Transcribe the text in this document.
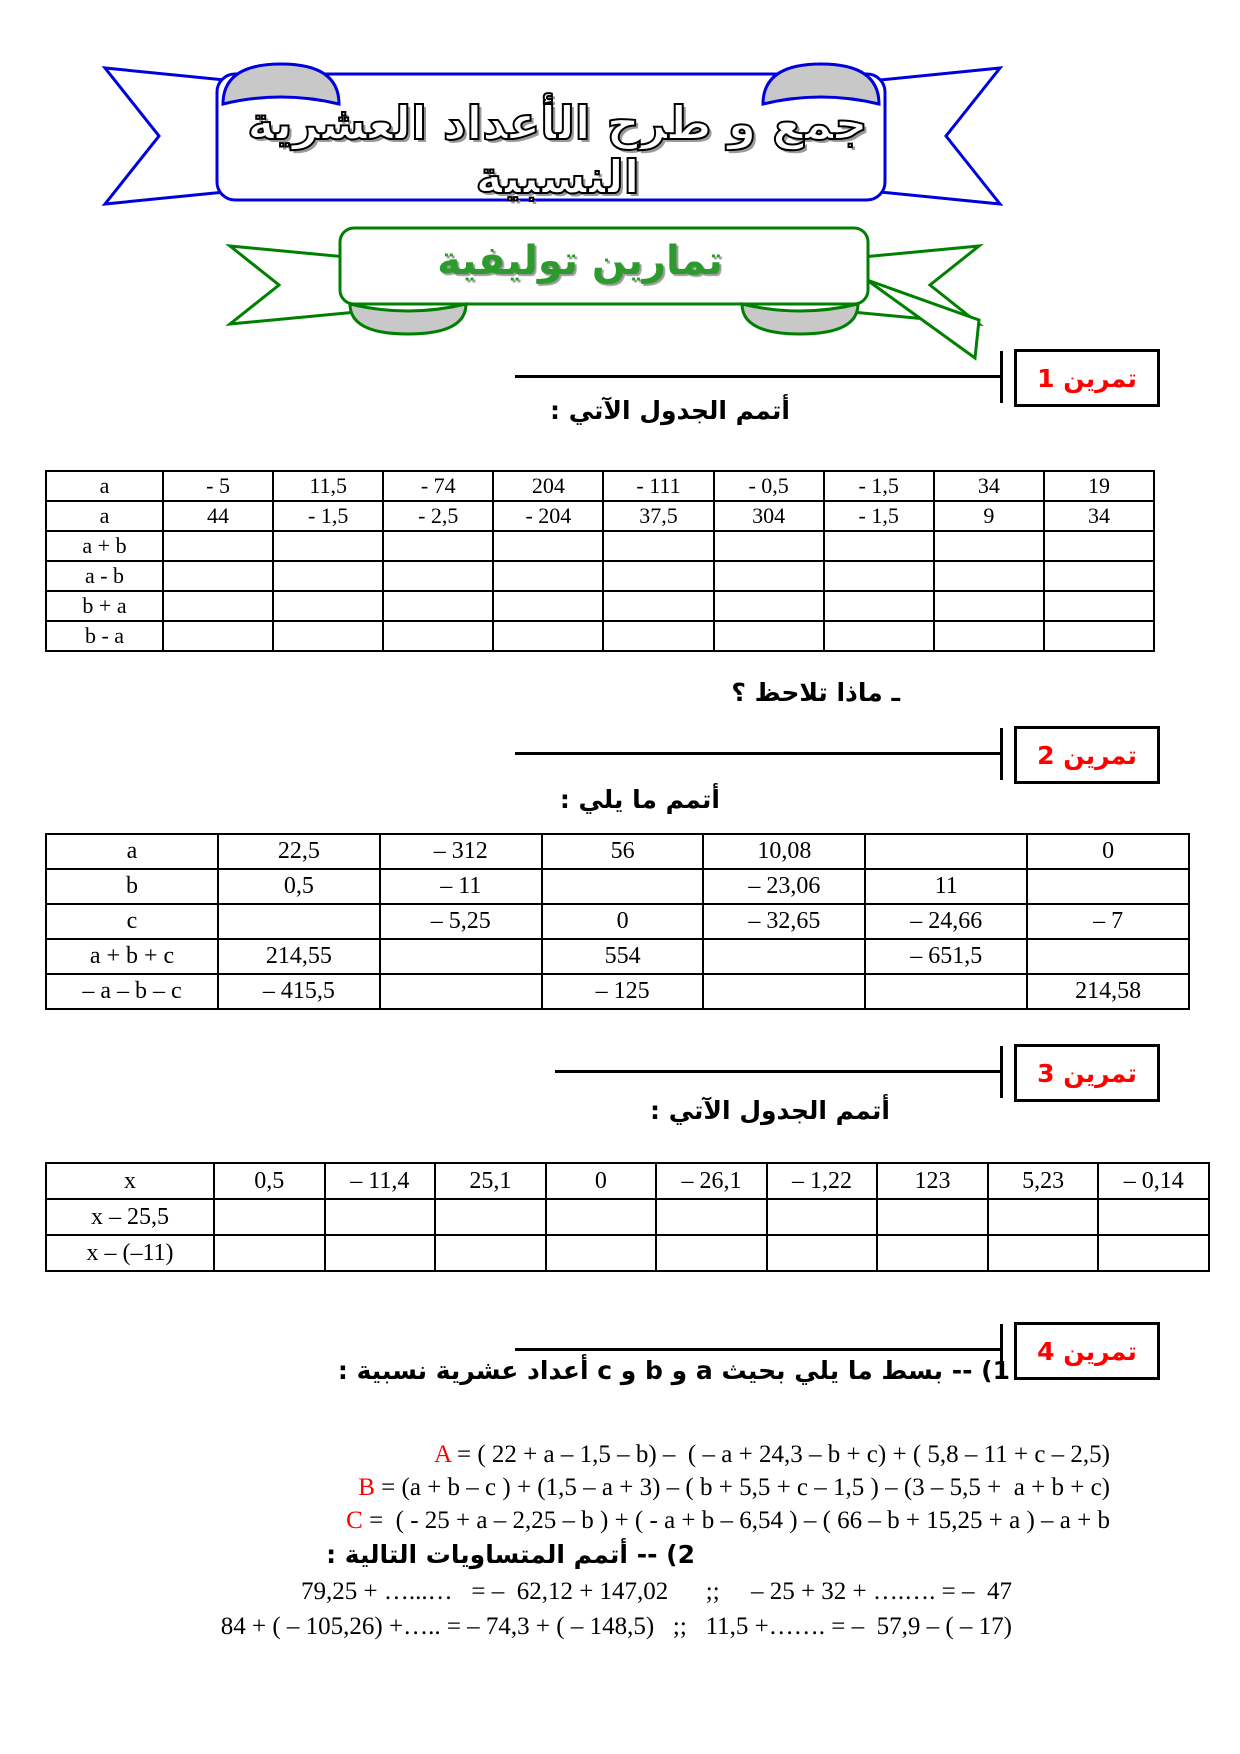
جمع و طرح الأعداد العشرية النسبية
تمارين توليفية
تمرين 1
أتمم الجدول الآتي :
a	- 5	11,5	- 74	204	- 111	- 0,5	- 1,5	34	19
a	44	- 1,5	- 2,5	- 204	37,5	304	- 1,5	9	34
a + b									
a - b									
b + a									
b - a									
ـ ماذا تلاحظ ؟
تمرين 2
أتمم ما يلي :
a	22,5	– 312	56	10,08		0
b	0,5	– 11		– 23,06	11	
c		– 5,25	0	– 32,65	– 24,66	– 7
a + b + c	214,55		554		– 651,5	
– a – b – c	– 415,5		– 125			214,58
تمرين 3
أتمم الجدول الآتي :
x	0,5	– 11,4	25,1	0	– 26,1	– 1,22	123	5,23	– 0,14
x – 25,5									
x – (–11)									
تمرين 4
1) -- بسط ما يلي بحيث a و b و c أعداد عشرية نسبية :
A = ( 22 + a – 1,5 – b) –  ( – a + 24,3 – b + c) + ( 5,8 – 11 + c – 2,5)
B = (a + b – c ) + (1,5 – a + 3) – ( b + 5,5 + c – 1,5 ) – (3 – 5,5 +  a + b + c)
C =  ( - 25 + a – 2,25 – b ) + ( - a + b – 6,54 ) – ( 66 – b + 15,25 + a ) – a + b
2) -- أتمم المتساويات التالية :
79,25 + …...…   = –  62,12 + 147,02      ;;     – 25 + 32 + ….…. = –  47
84 + ( – 105,26) +….. = – 74,3 + ( – 148,5)   ;;   11,5 +……. = –  57,9 – ( – 17)
